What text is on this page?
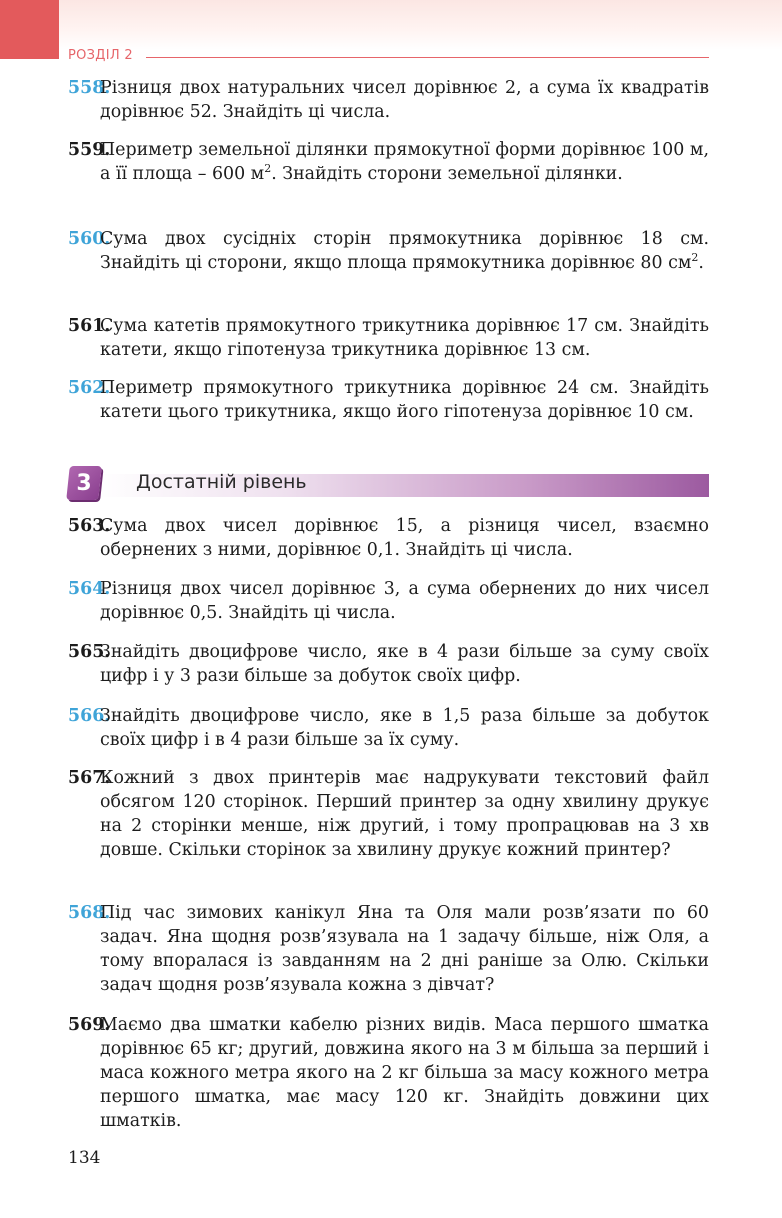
РОЗДІЛ 2
558.
Різниця двох натуральних чисел дорівнює 2, а сума їх квадратів дорівнює 52. Знайдіть ці числа.
559.
Периметр земельної ділянки прямокутної форми дорівнює 100 м, а її площа – 600 $м^2$. Знайдіть сторони земельної ділянки.
560.
Сума двох сусідніх сторін прямокутника дорівнює 18 см. Знайдіть ці сторони, якщо площа прямокутника дорівнює 80 $см^2$.
561.
Сума катетів прямокутного трикутника дорівнює 17 см. Знайдіть катети, якщо гіпотенуза трикутника дорівнює 13 см.
562.
Периметр прямокутного трикутника дорівнює 24 см. Знайдіть катети цього трикутника, якщо його гіпотенуза дорівнює 10 см.
3	Достатній рівень
563.
Сума двох чисел дорівнює 15, а різниця чисел, взаємно обернених з ними, дорівнює 0,1. Знайдіть ці числа.
564.
Різниця двох чисел дорівнює 3, а сума обернених до них чисел дорівнює 0,5. Знайдіть ці числа.
565.
Знайдіть двоцифрове число, яке в 4 рази більше за суму своїх цифр і у 3 рази більше за добуток своїх цифр.
566.
Знайдіть двоцифрове число, яке в 1,5 раза більше за добуток своїх цифр і в 4 рази більше за їх суму.
567.
Кожний з двох принтерів має надрукувати текстовий файл обсягом 120 сторінок. Перший принтер за одну хвилину друкує на 2 сторінки менше, ніж другий, і тому пропрацював на 3 хв довше. Скільки сторінок за хвилину друкує кожний принтер?
568.
Під час зимових канікул Яна та Оля мали розв’язати по 60 задач. Яна щодня розв’язувала на 1 задачу більше, ніж Оля, а тому впоралася із завданням на 2 дні раніше за Олю. Скільки задач щодня розв’язувала кожна з дівчат?
569.
Маємо два шматки кабелю різних видів. Маса першого шматка дорівнює 65 кг; другий, довжина якого на 3 м більша за перший і маса кожного метра якого на 2 кг більша за масу кожного метра першого шматка, має масу 120 кг. Знайдіть довжини цих шматків.
134
